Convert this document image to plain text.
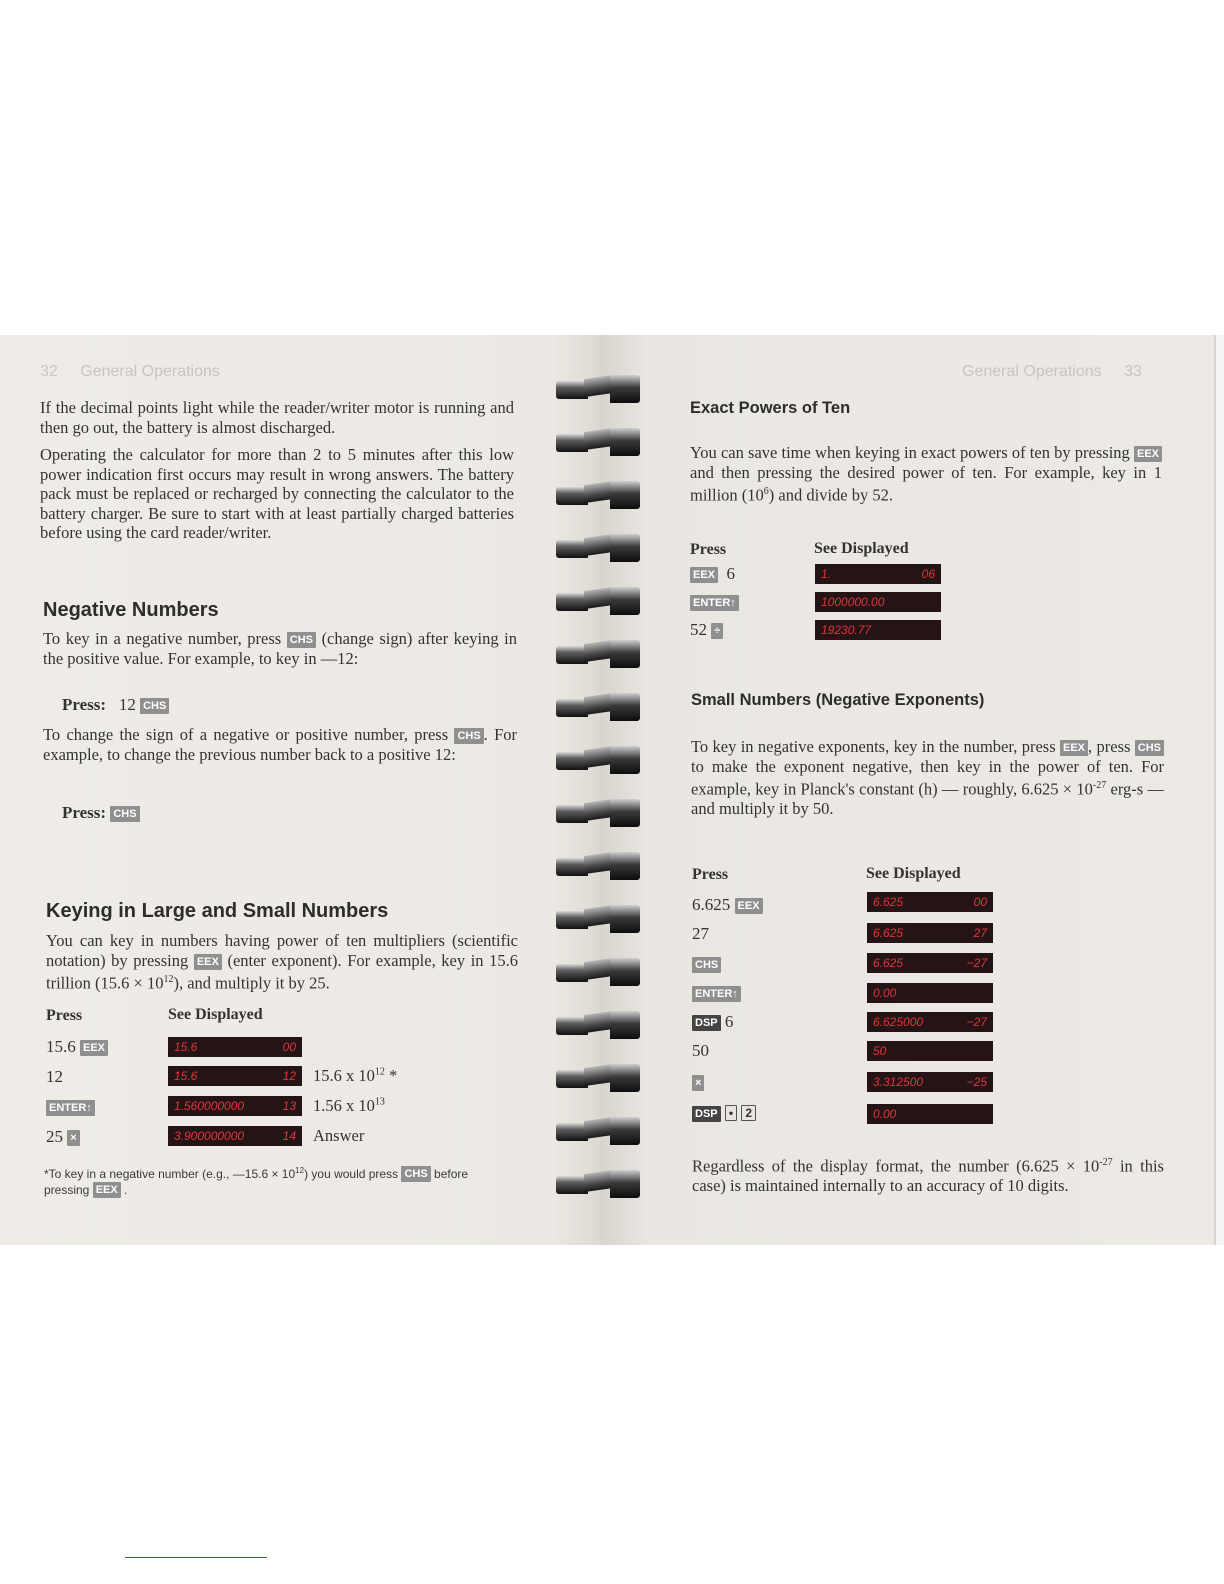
32 General Operations

If the decimal points light while the reader/writer motor is running and then go out, the battery is almost discharged.

Operating the calculator for more than 2 to 5 minutes after this low power indication first occurs may result in wrong answers. The battery pack must be replaced or recharged by connecting the calculator to the battery charger. Be sure to start with at least partially charged batteries before using the card reader/writer.

Negative Numbers

To key in a negative number, press CHS (change sign) after keying in the positive value. For example, to key in —12:

Press: 12 CHS

To change the sign of a negative or positive number, press CHS . For example, to change the previous number back to a positive 12:

Press: CHS
Keying in Large and Small Numbers

You can key in numbers having power of ten multipliers (scientific notation) by pressing EEX (enter exponent). For example, key in 15.6 trillion $(15.6 \times 10^{12})$, and multiply it by 25.

Press	See Displayed
15.6 EEX	15.6	00
12	15.6	12 15.6 x $10^{12}$ *
ENTER↑	1.560000000	13 1.56 x $10^{13}$
25 ×	3.900000000	14 Answer

*To key in a negative number (e.g., —15.6 × $10^{12}$) you would press CHS before pressing EEX .

General Operations 33
Exact Powers of Ten

You can save time when keying in exact powers of ten by pressing EEX and then pressing the desired power of ten. For example, key in 1 million $(10^6)$ and divide by 52.

Press	See Displayed
EEX 6	1.	06
ENTER↑	1000000.00
52 ÷	19230.77
Small Numbers (Negative Exponents)

To key in negative exponents, key in the number, press EEX , press CHS to make the exponent negative, then key in the power of ten. For example, key in Planck's constant (h) — roughly, $6.625 \times 10^{-27}$ erg-s — and multiply it by 50.

Press	See Displayed
6.625 EEX	6.625	00
27	6.625	27
CHS	6.625	−27
ENTER↑	0.00
DSP 6	6.625000	−27
50	50
×	3.312500	−25
DSP • 2	0.00

Regardless of the display format, the number ($6.625 \times 10^{-27}$ in this case) is maintained internally to an accuracy of 10 digits.
